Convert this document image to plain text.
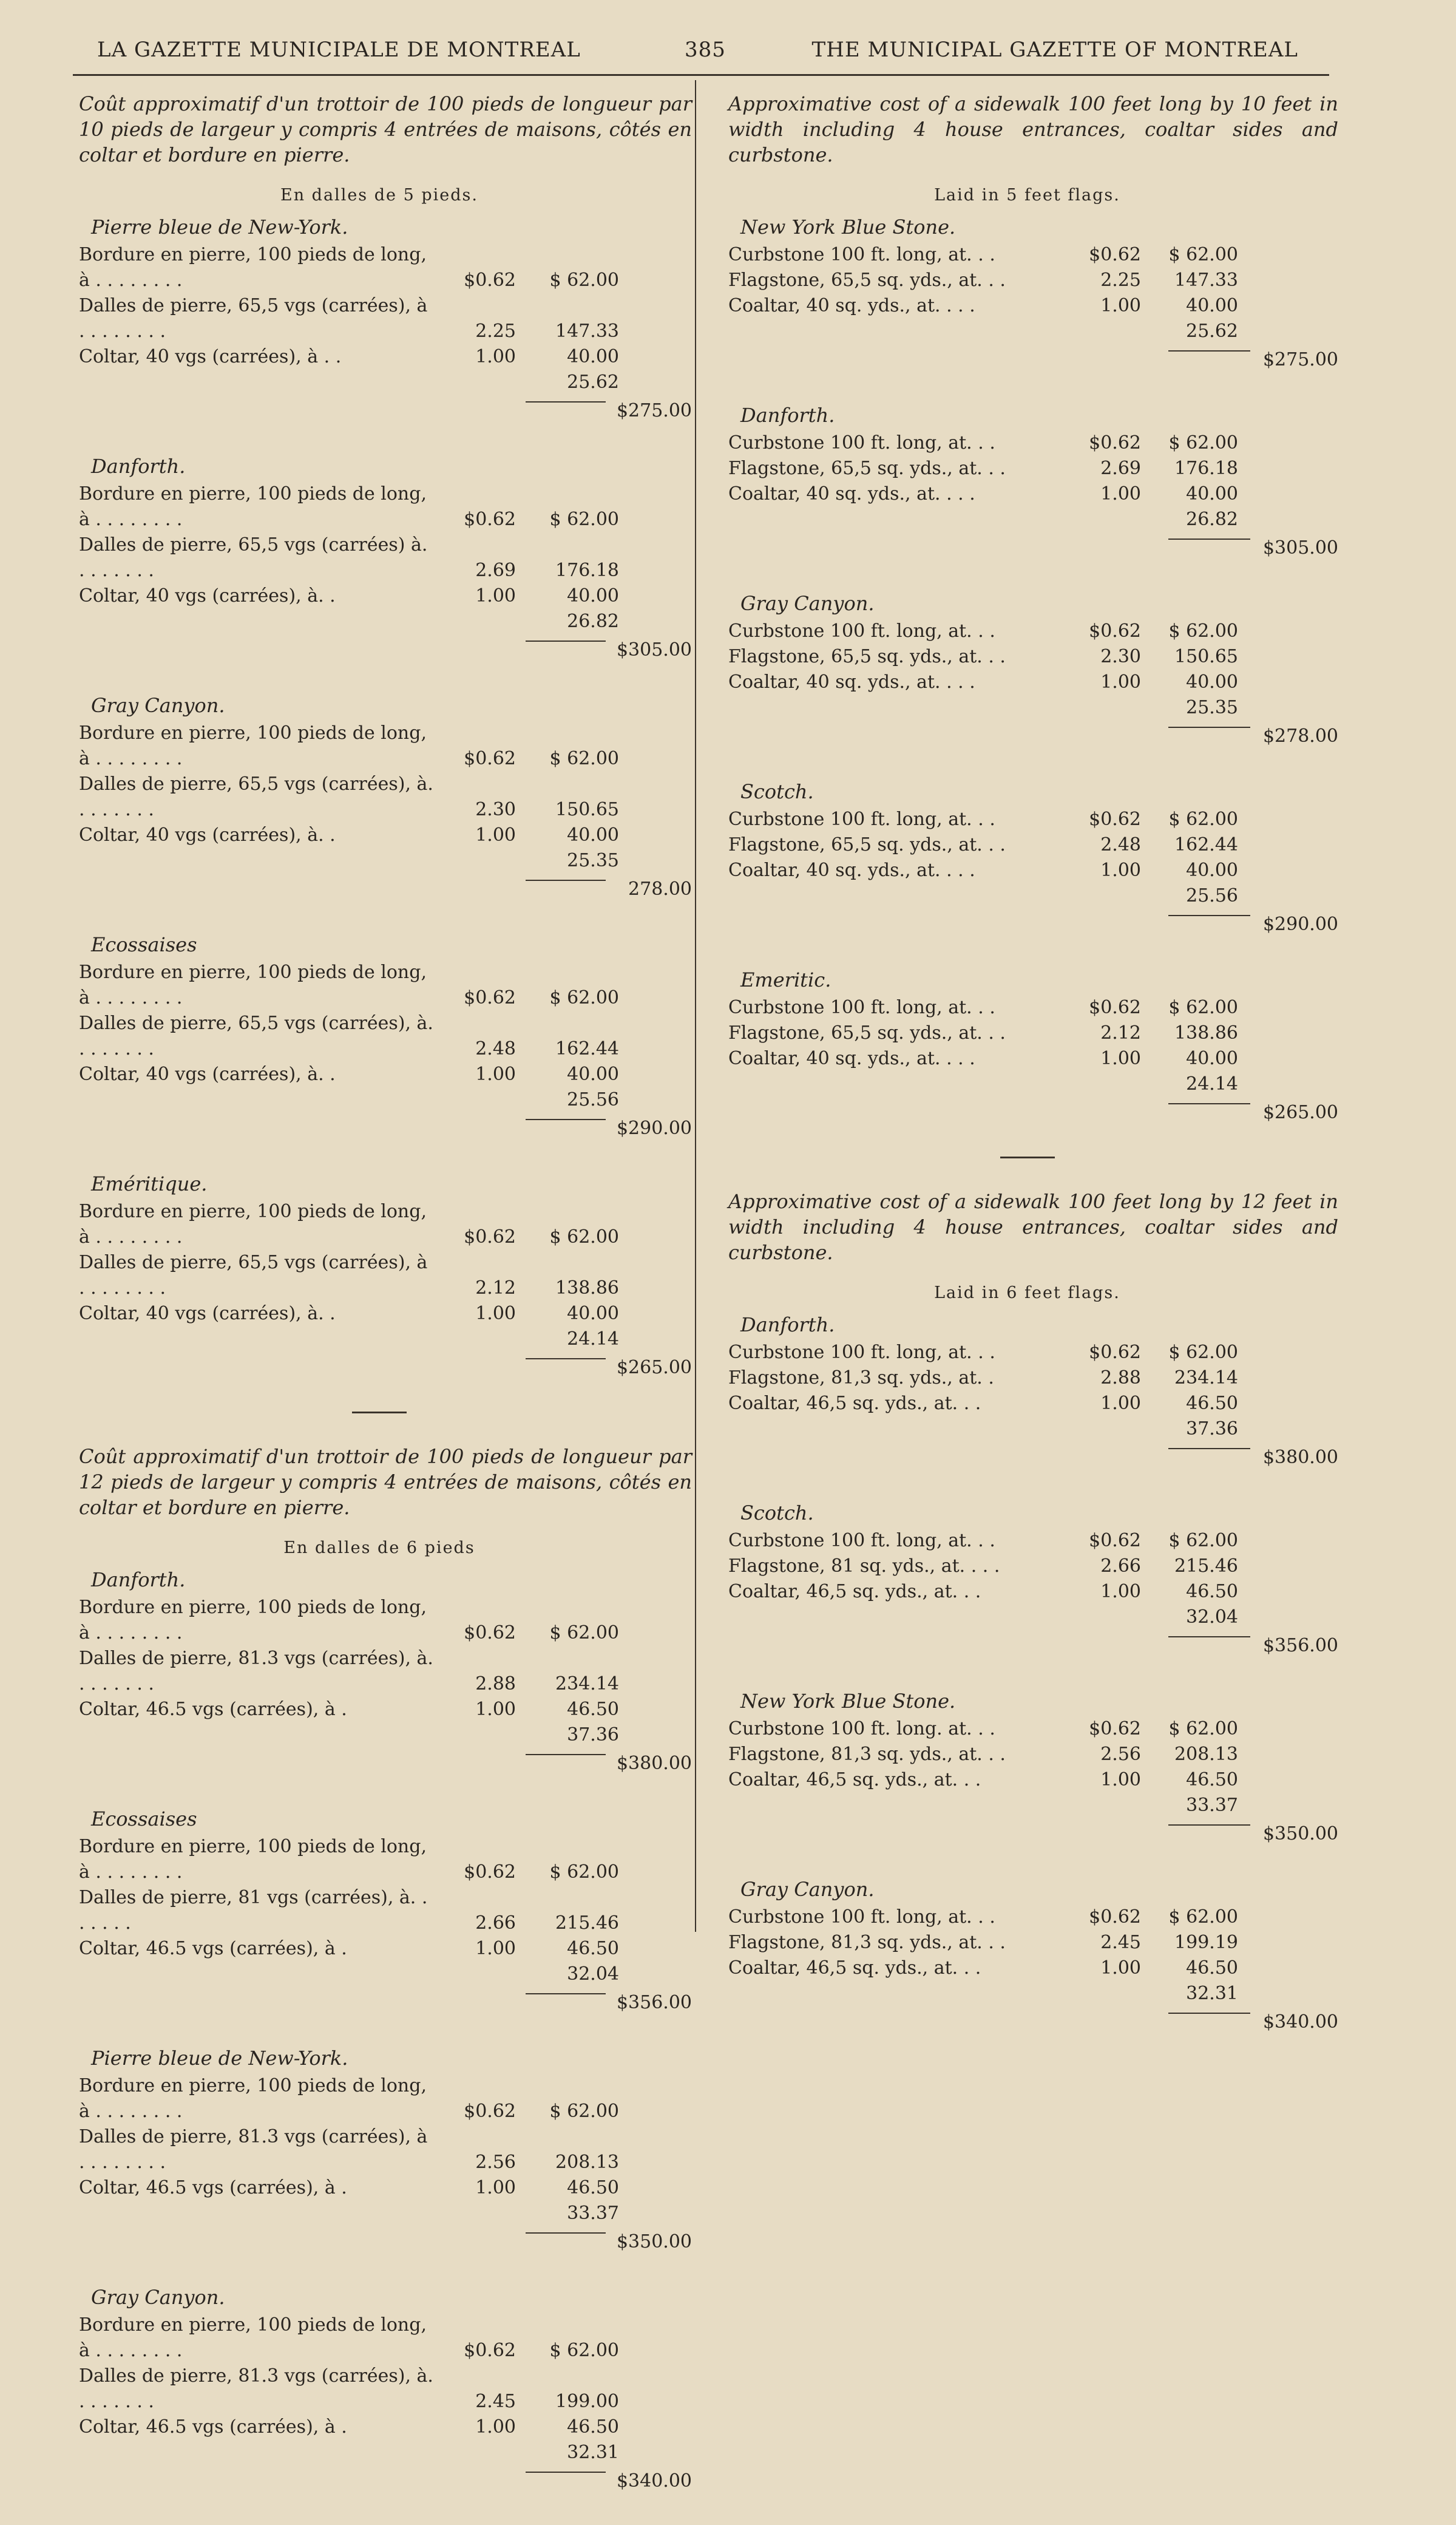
LA GAZETTE MUNICIPALE DE MONTREAL	385	THE MUNICIPAL GAZETTE OF MONTREAL
Coût approximatif d'un trottoir de 100 pieds de longueur par 10 pieds de largeur y compris 4 entrées de maisons, côtés en coltar et bordure en pierre.
En dalles de 5 pieds.
Pierre bleue de New-York.
Bordure en pierre, 100 pieds de long, à . . . . . . . .	$0.62	$ 62.00
Dalles de pierre, 65,5 vgs (carrées), à . . . . . . . .	2.25	147.33
Coltar, 40 vgs (carrées), à . .	1.00	40.00
25.62
$275.00
Danforth.
Bordure en pierre, 100 pieds de long, à . . . . . . . .	$0.62	$ 62.00
Dalles de pierre, 65,5 vgs (carrées) à. . . . . . . .	2.69	176.18
Coltar, 40 vgs (carrées), à. .	1.00	40.00
26.82
$305.00
Gray Canyon.
Bordure en pierre, 100 pieds de long, à . . . . . . . .	$0.62	$ 62.00
Dalles de pierre, 65,5 vgs (carrées), à. . . . . . . .	2.30	150.65
Coltar, 40 vgs (carrées), à. .	1.00	40.00
25.35
278.00
Ecossaises
Bordure en pierre, 100 pieds de long, à . . . . . . . .	$0.62	$ 62.00
Dalles de pierre, 65,5 vgs (carrées), à. . . . . . . .	2.48	162.44
Coltar, 40 vgs (carrées), à. .	1.00	40.00
25.56
$290.00
Eméritique.
Bordure en pierre, 100 pieds de long, à . . . . . . . .	$0.62	$ 62.00
Dalles de pierre, 65,5 vgs (carrées), à . . . . . . . .	2.12	138.86
Coltar, 40 vgs (carrées), à. .	1.00	40.00
24.14
$265.00
Coût approximatif d'un trottoir de 100 pieds de longueur par 12 pieds de largeur y compris 4 entrées de maisons, côtés en coltar et bordure en pierre.
En dalles de 6 pieds
Danforth.
Bordure en pierre, 100 pieds de long, à . . . . . . . .	$0.62	$ 62.00
Dalles de pierre, 81.3 vgs (carrées), à. . . . . . . .	2.88	234.14
Coltar, 46.5 vgs (carrées), à .	1.00	46.50
37.36
$380.00
Ecossaises
Bordure en pierre, 100 pieds de long, à . . . . . . . .	$0.62	$ 62.00
Dalles de pierre, 81 vgs (carrées), à. . . . . . .	2.66	215.46
Coltar, 46.5 vgs (carrées), à .	1.00	46.50
32.04
$356.00
Pierre bleue de New-York.
Bordure en pierre, 100 pieds de long, à . . . . . . . .	$0.62	$ 62.00
Dalles de pierre, 81.3 vgs (carrées), à . . . . . . . .	2.56	208.13
Coltar, 46.5 vgs (carrées), à .	1.00	46.50
33.37
$350.00
Gray Canyon.
Bordure en pierre, 100 pieds de long, à . . . . . . . .	$0.62	$ 62.00
Dalles de pierre, 81.3 vgs (carrées), à. . . . . . . .	2.45	199.00
Coltar, 46.5 vgs (carrées), à .	1.00	46.50
32.31
$340.00
Approximative cost of a sidewalk 100 feet long by 10 feet in width including 4 house entrances, coaltar sides and curbstone.
Laid in 5 feet flags.
New York Blue Stone.
Curbstone 100 ft. long, at. . .	$0.62	$ 62.00
Flagstone, 65,5 sq. yds., at. . .	2.25	147.33
Coaltar, 40 sq. yds., at. . . .	1.00	40.00
25.62
$275.00
Danforth.
Curbstone 100 ft. long, at. . .	$0.62	$ 62.00
Flagstone, 65,5 sq. yds., at. . .	2.69	176.18
Coaltar, 40 sq. yds., at. . . .	1.00	40.00
26.82
$305.00
Gray Canyon.
Curbstone 100 ft. long, at. . .	$0.62	$ 62.00
Flagstone, 65,5 sq. yds., at. . .	2.30	150.65
Coaltar, 40 sq. yds., at. . . .	1.00	40.00
25.35
$278.00
Scotch.
Curbstone 100 ft. long, at. . .	$0.62	$ 62.00
Flagstone, 65,5 sq. yds., at. . .	2.48	162.44
Coaltar, 40 sq. yds., at. . . .	1.00	40.00
25.56
$290.00
Emeritic.
Curbstone 100 ft. long, at. . .	$0.62	$ 62.00
Flagstone, 65,5 sq. yds., at. . .	2.12	138.86
Coaltar, 40 sq. yds., at. . . .	1.00	40.00
24.14
$265.00
Approximative cost of a sidewalk 100 feet long by 12 feet in width including 4 house entrances, coaltar sides and curbstone.
Laid in 6 feet flags.
Danforth.
Curbstone 100 ft. long, at. . .	$0.62	$ 62.00
Flagstone, 81,3 sq. yds., at. .	2.88	234.14
Coaltar, 46,5 sq. yds., at. . .	1.00	46.50
37.36
$380.00
Scotch.
Curbstone 100 ft. long, at. . .	$0.62	$ 62.00
Flagstone, 81 sq. yds., at. . . .	2.66	215.46
Coaltar, 46,5 sq. yds., at. . .	1.00	46.50
32.04
$356.00
New York Blue Stone.
Curbstone 100 ft. long. at. . .	$0.62	$ 62.00
Flagstone, 81,3 sq. yds., at. . .	2.56	208.13
Coaltar, 46,5 sq. yds., at. . .	1.00	46.50
33.37
$350.00
Gray Canyon.
Curbstone 100 ft. long, at. . .	$0.62	$ 62.00
Flagstone, 81,3 sq. yds., at. . .	2.45	199.19
Coaltar, 46,5 sq. yds., at. . .	1.00	46.50
32.31
$340.00
